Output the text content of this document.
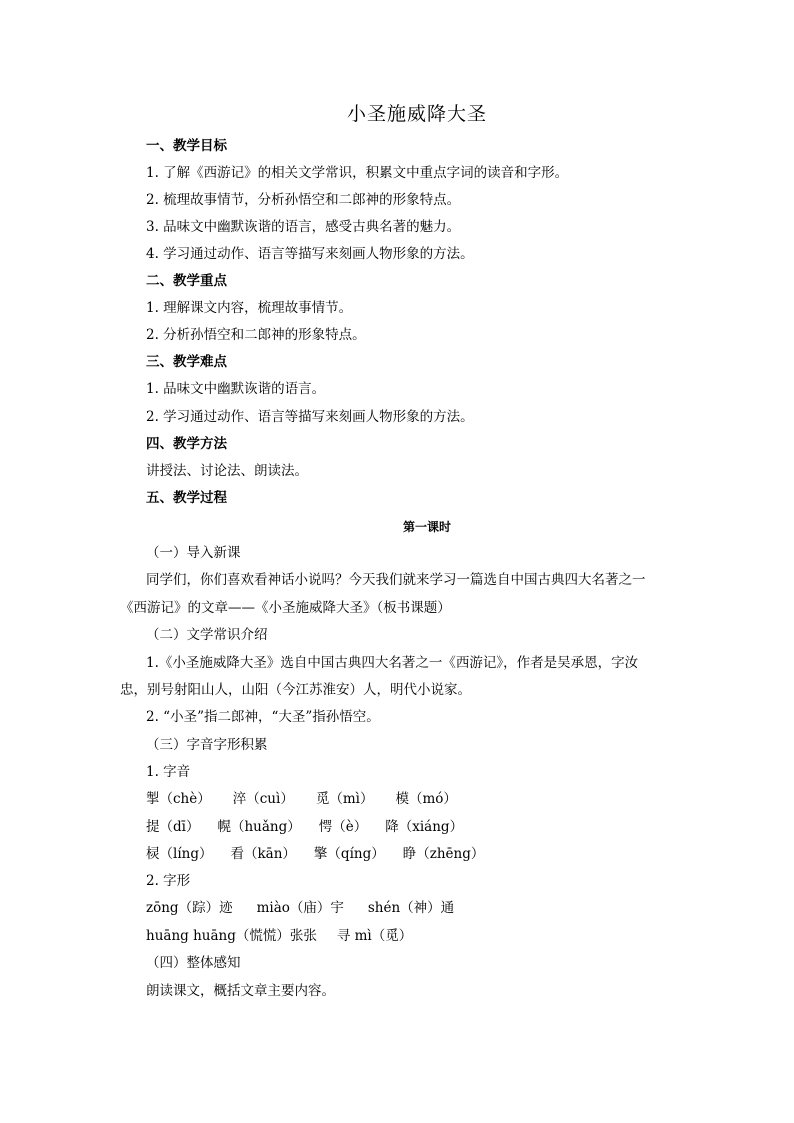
小圣施威降大圣
一、教学目标
1. 了解《西游记》的相关文学常识，积累文中重点字词的读音和字形。
2. 梳理故事情节，分析孙悟空和二郎神的形象特点。
3. 品味文中幽默诙谐的语言，感受古典名著的魅力。
4. 学习通过动作、语言等描写来刻画人物形象的方法。
二、教学重点
1. 理解课文内容，梳理故事情节。
2. 分析孙悟空和二郎神的形象特点。
三、教学难点
1. 品味文中幽默诙谐的语言。
2. 学习通过动作、语言等描写来刻画人物形象的方法。
四、教学方法
讲授法、讨论法、朗读法。
五、教学过程
第一课时
（一）导入新课
同学们，你们喜欢看神话小说吗？今天我们就来学习一篇选自中国古典四大名著之一
《西游记》的文章——《小圣施威降大圣》（板书课题）
（二）文学常识介绍
1.《小圣施威降大圣》选自中国古典四大名著之一《西游记》，作者是吴承恩，字汝
忠，别号射阳山人，山阳（今江苏淮安）人，明代小说家。
2. “小圣”指二郎神，“大圣”指孙悟空。
（三）字音字形积累
1. 字音
掣（chè） 淬（cuì） 觅（mì） 模（mó）
提（dī） 幌（huǎng） 愕（è） 降（xiáng）
棂（líng） 看（kān） 擎（qíng） 睁（zhēng）
2. 字形
zōng（踪）迹 miào（庙）宇 shén（神）通
huāng huāng（慌慌）张张 寻 mì（觅）
（四）整体感知
朗读课文，概括文章主要内容。
